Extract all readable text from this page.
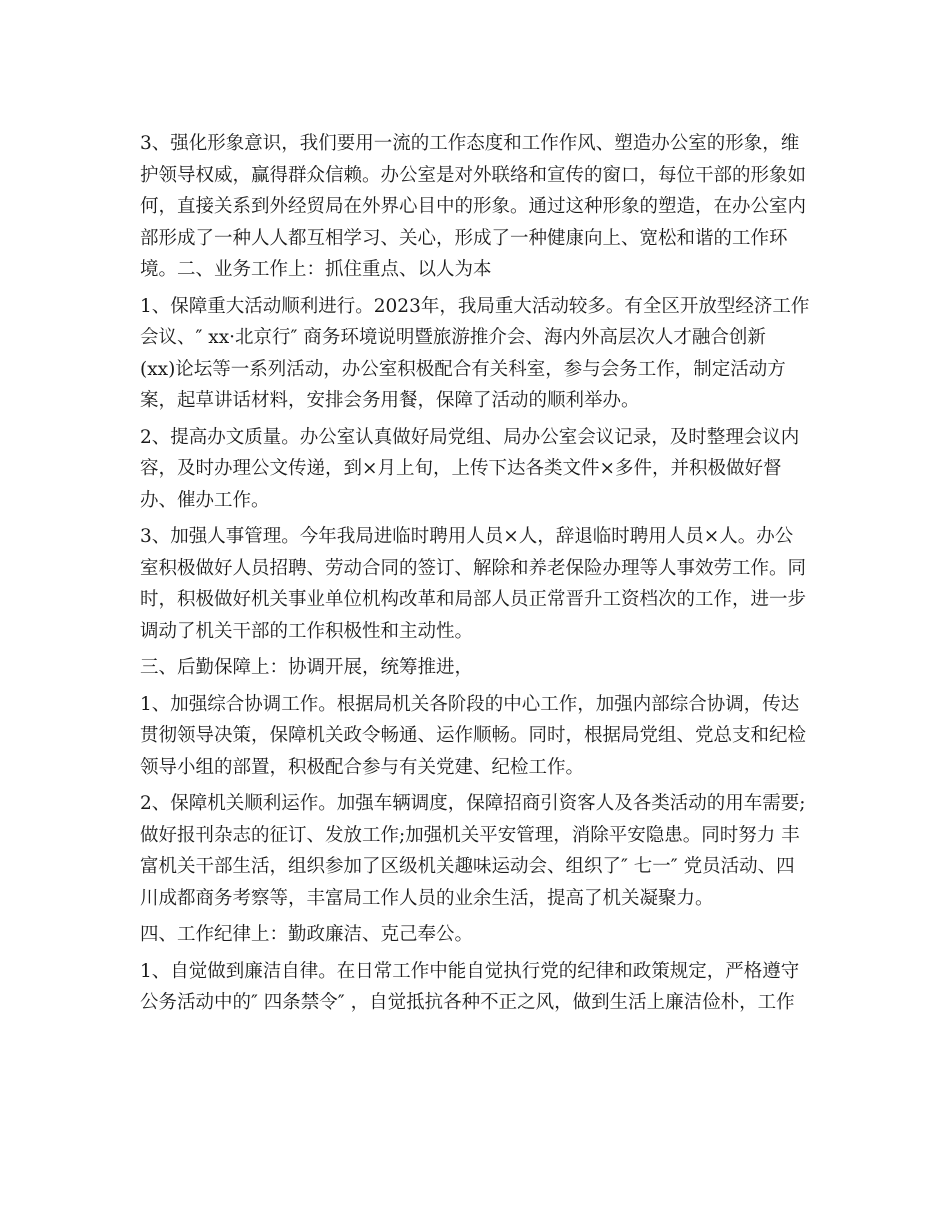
3、强化形象意识，我们要用一流的工作态度和工作作风、塑造办公室的形象，维
护领导权威，赢得群众信赖。办公室是对外联络和宣传的窗口，每位干部的形象如
何，直接关系到外经贸局在外界心目中的形象。通过这种形象的塑造，在办公室内
部形成了一种人人都互相学习、关心，形成了一种健康向上、宽松和谐的工作环
境。二、业务工作上：抓住重点、以人为本
1、保障重大活动顺利进行。2023年，我局重大活动较多。有全区开放型经济工作
会议、″ xx·北京行″ 商务环境说明暨旅游推介会、海内外高层次人才融合创新
(xx)论坛等一系列活动，办公室积极配合有关科室，参与会务工作，制定活动方
案，起草讲话材料，安排会务用餐，保障了活动的顺利举办。
2、提高办文质量。办公室认真做好局党组、局办公室会议记录，及时整理会议内
容，及时办理公文传递，到×月上旬，上传下达各类文件×多件，并积极做好督
办、催办工作。
3、加强人事管理。今年我局进临时聘用人员×人，辞退临时聘用人员×人。办公
室积极做好人员招聘、劳动合同的签订、解除和养老保险办理等人事效劳工作。同
时，积极做好机关事业单位机构改革和局部人员正常晋升工资档次的工作，进一步
调动了机关干部的工作积极性和主动性。
三、后勤保障上：协调开展，统筹推进，
1、加强综合协调工作。根据局机关各阶段的中心工作，加强内部综合协调，传达
贯彻领导决策，保障机关政令畅通、运作顺畅。同时，根据局党组、党总支和纪检
领导小组的部置，积极配合参与有关党建、纪检工作。
2、保障机关顺利运作。加强车辆调度，保障招商引资客人及各类活动的用车需要;
做好报刊杂志的征订、发放工作;加强机关平安管理，消除平安隐患。同时努力 丰
富机关干部生活，组织参加了区级机关趣味运动会、组织了″ 七一″ 党员活动、四
川成都商务考察等，丰富局工作人员的业余生活，提高了机关凝聚力。
四、工作纪律上：勤政廉洁、克己奉公。
1、自觉做到廉洁自律。在日常工作中能自觉执行党的纪律和政策规定，严格遵守
公务活动中的″ 四条禁令″ ，自觉抵抗各种不正之风，做到生活上廉洁俭朴，工作
